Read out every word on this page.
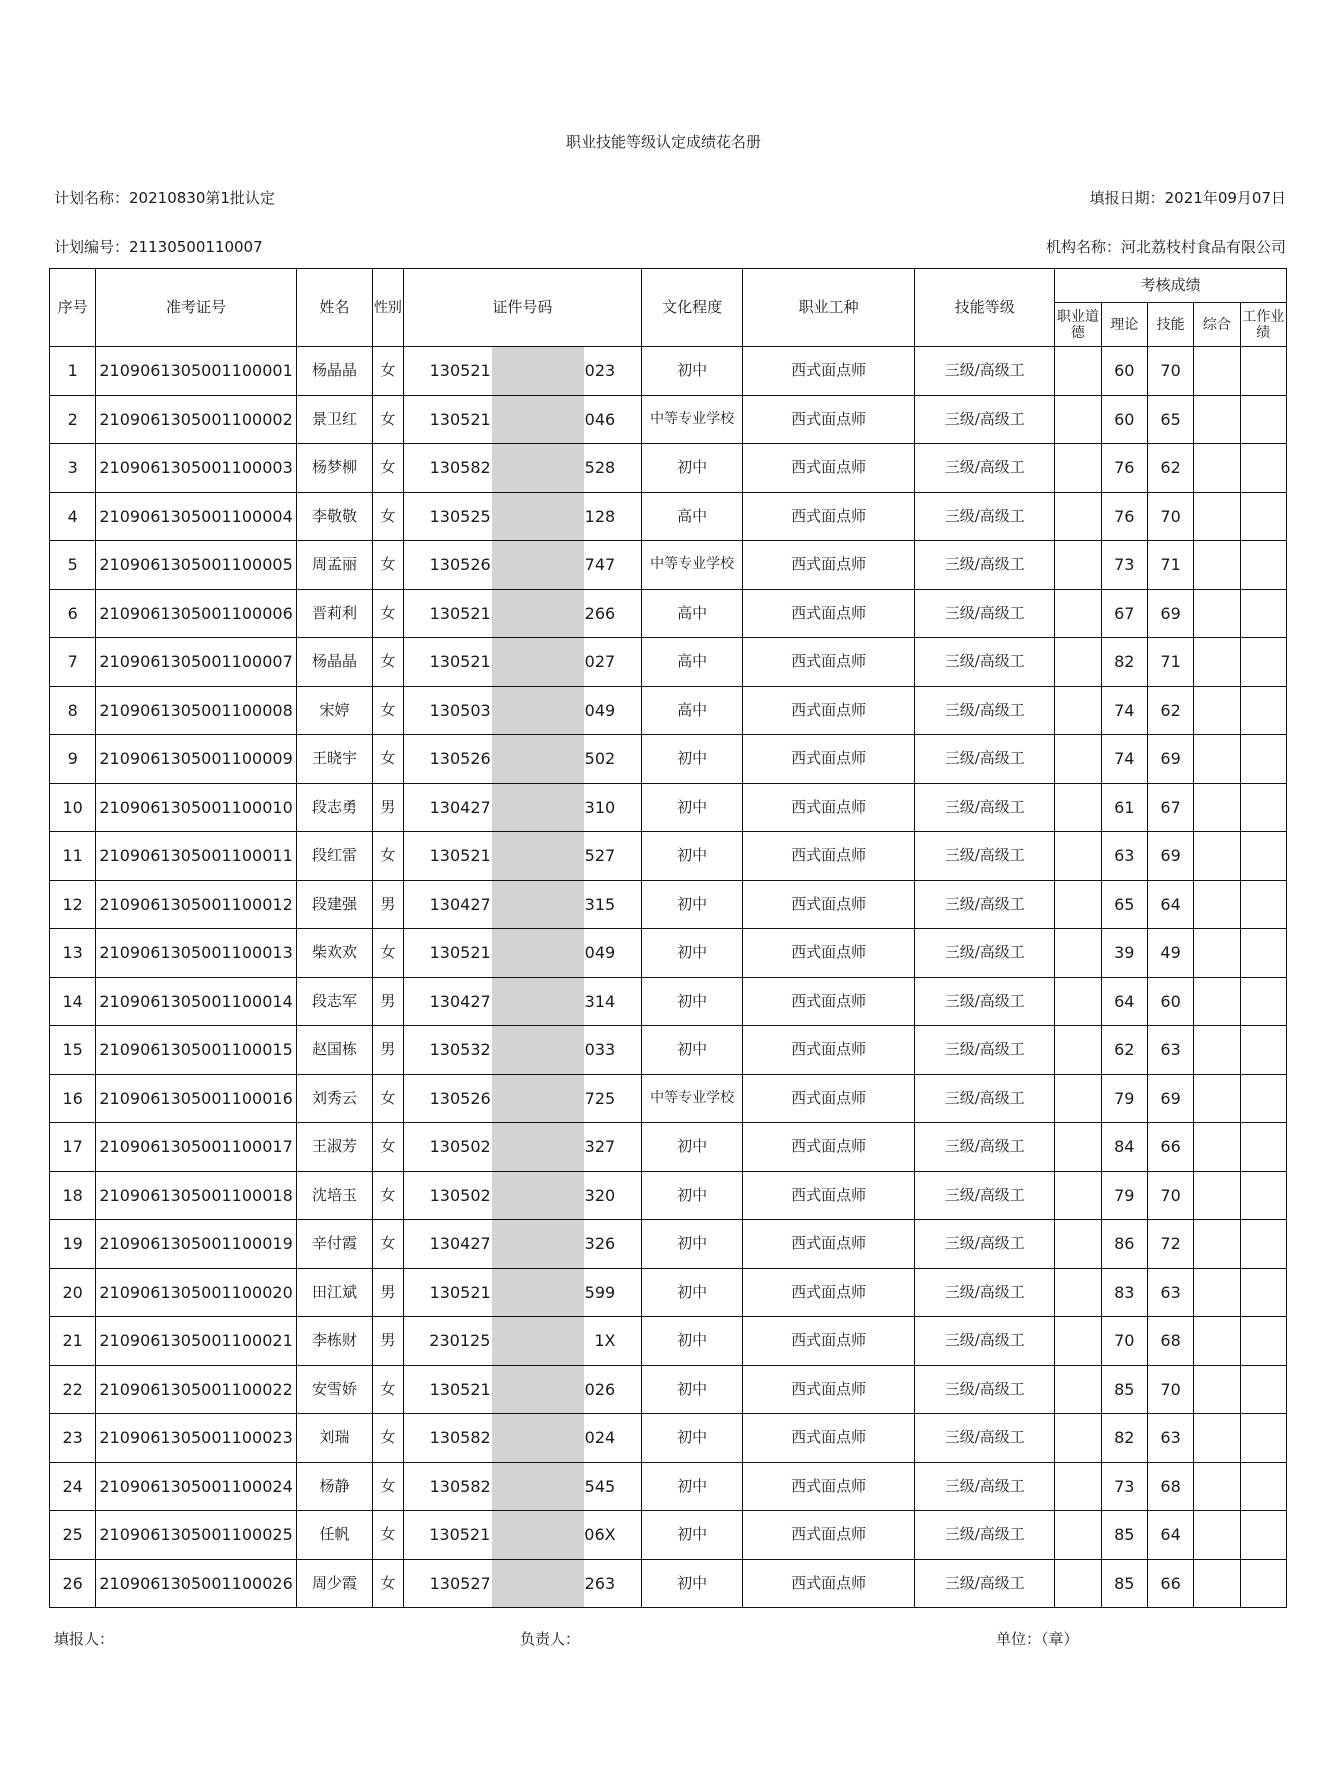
职业技能等级认定成绩花名册
计划名称：20210830第1批认定	填报日期：2021年09月07日
计划编号：21130500110007	机构名称：河北荔枝村食品有限公司
序号	准考证号	姓名	性别	证件号码	文化程度	职业工种	技能等级	考核成绩				
								职业道德	理论	技能	综合	工作业绩
1	2109061305001100001	杨晶晶	女	130521 023	初中	西式面点师	三级/高级工		60	70		
2	2109061305001100002	景卫红	女	130521 046	中等专业学校	西式面点师	三级/高级工		60	65		
3	2109061305001100003	杨梦柳	女	130582 528	初中	西式面点师	三级/高级工		76	62		
4	2109061305001100004	李敬敬	女	130525 128	高中	西式面点师	三级/高级工		76	70		
5	2109061305001100005	周孟丽	女	130526 747	中等专业学校	西式面点师	三级/高级工		73	71		
6	2109061305001100006	晋莉利	女	130521 266	高中	西式面点师	三级/高级工		67	69		
7	2109061305001100007	杨晶晶	女	130521 027	高中	西式面点师	三级/高级工		82	71		
8	2109061305001100008	宋婷	女	130503 049	高中	西式面点师	三级/高级工		74	62		
9	2109061305001100009	王晓宇	女	130526 502	初中	西式面点师	三级/高级工		74	69		
10	2109061305001100010	段志勇	男	130427 310	初中	西式面点师	三级/高级工		61	67		
11	2109061305001100011	段红雷	女	130521 527	初中	西式面点师	三级/高级工		63	69		
12	2109061305001100012	段建强	男	130427 315	初中	西式面点师	三级/高级工		65	64		
13	2109061305001100013	柴欢欢	女	130521 049	初中	西式面点师	三级/高级工		39	49		
14	2109061305001100014	段志军	男	130427 314	初中	西式面点师	三级/高级工		64	60		
15	2109061305001100015	赵国栋	男	130532 033	初中	西式面点师	三级/高级工		62	63		
16	2109061305001100016	刘秀云	女	130526 725	中等专业学校	西式面点师	三级/高级工		79	69		
17	2109061305001100017	王淑芳	女	130502 327	初中	西式面点师	三级/高级工		84	66		
18	2109061305001100018	沈培玉	女	130502 320	初中	西式面点师	三级/高级工		79	70		
19	2109061305001100019	辛付霞	女	130427 326	初中	西式面点师	三级/高级工		86	72		
20	2109061305001100020	田江斌	男	130521 599	初中	西式面点师	三级/高级工		83	63		
21	2109061305001100021	李栋财	男	230125 1X	初中	西式面点师	三级/高级工		70	68		
22	2109061305001100022	安雪娇	女	130521 026	初中	西式面点师	三级/高级工		85	70		
23	2109061305001100023	刘瑞	女	130582 024	初中	西式面点师	三级/高级工		82	63		
24	2109061305001100024	杨静	女	130582 545	初中	西式面点师	三级/高级工		73	68		
25	2109061305001100025	任帆	女	130521 06X	初中	西式面点师	三级/高级工		85	64		
26	2109061305001100026	周少霞	女	130527 263	初中	西式面点师	三级/高级工		85	66		
填报人：	负责人：	单位：（章）
